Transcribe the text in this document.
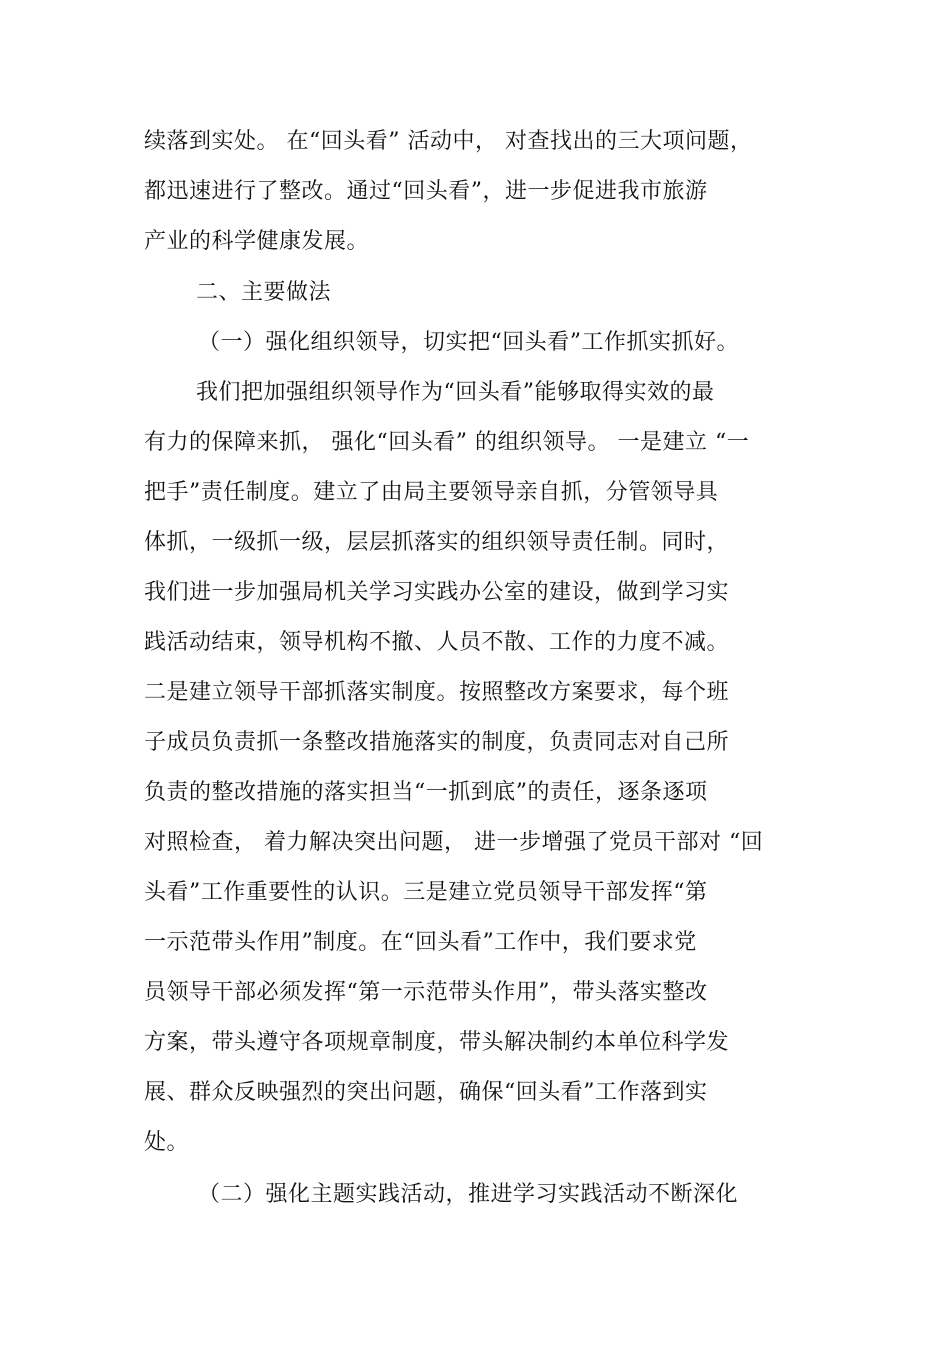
续落到实处。 在“回头看” 活动中， 对查找出的三大项问题，
都迅速进行了整改。通过“回头看”，进一步促进我市旅游
产业的科学健康发展。
二、主要做法
（一）强化组织领导，切实把“回头看”工作抓实抓好。
我们把加强组织领导作为“回头看”能够取得实效的最
有力的保障来抓， 强化“回头看” 的组织领导。 一是建立 “一
把手”责任制度。建立了由局主要领导亲自抓，分管领导具
体抓，一级抓一级，层层抓落实的组织领导责任制。同时，
我们进一步加强局机关学习实践办公室的建设，做到学习实
践活动结束，领导机构不撤、人员不散、工作的力度不减。
二是建立领导干部抓落实制度。按照整改方案要求，每个班
子成员负责抓一条整改措施落实的制度，负责同志对自己所
负责的整改措施的落实担当“一抓到底”的责任，逐条逐项
对照检查， 着力解决突出问题， 进一步增强了党员干部对 “回
头看”工作重要性的认识。三是建立党员领导干部发挥“第
一示范带头作用”制度。在“回头看”工作中，我们要求党
员领导干部必须发挥“第一示范带头作用”，带头落实整改
方案，带头遵守各项规章制度，带头解决制约本单位科学发
展、群众反映强烈的突出问题，确保“回头看”工作落到实
处。
（二）强化主题实践活动，推进学习实践活动不断深化
